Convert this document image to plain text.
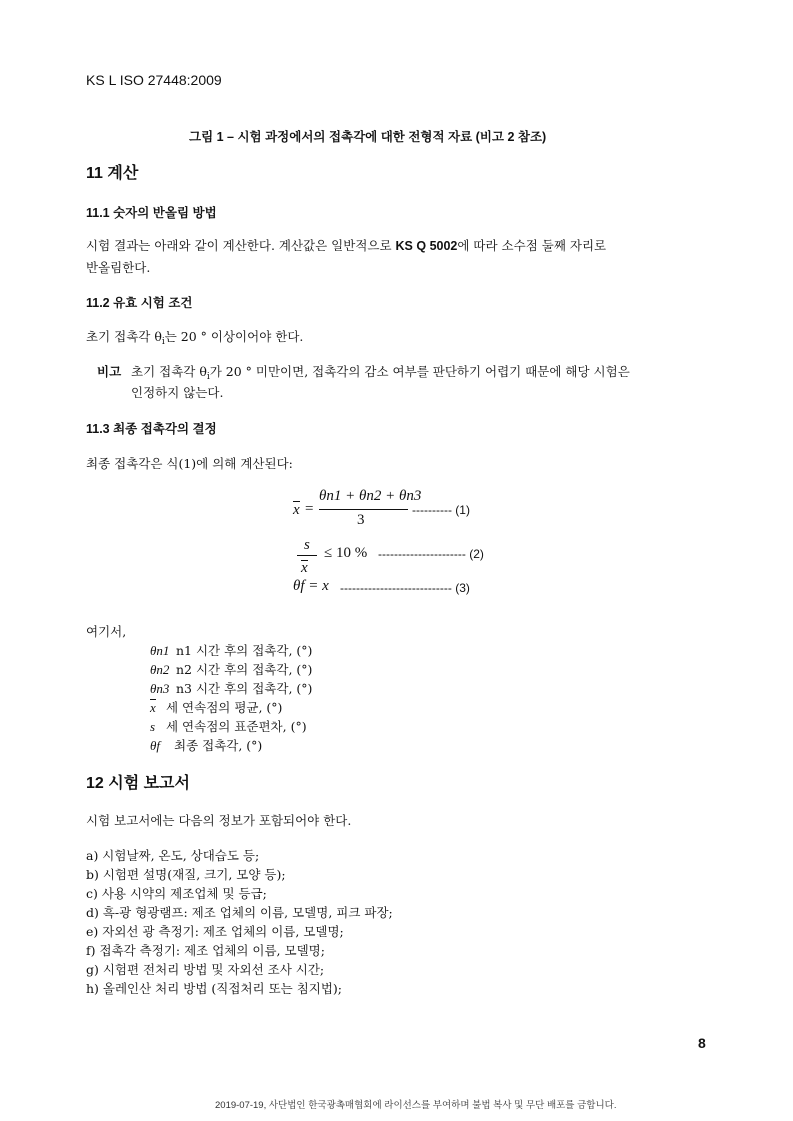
KS L ISO 27448:2009
그림 1 – 시험 과정에서의 접촉각에 대한 전형적 자료 (비고 2 참조)
11 계산
11.1 숫자의 반올림 방법
시험 결과는 아래와 같이 계산한다. 계산값은 일반적으로 KS Q 5002에 따라 소수점 둘째 자리로
반올림한다.
11.2 유효 시험 조건
초기 접촉각 $\theta_i$는 20 ° 이상이어야 한다.
비고 초기 접촉각 $\theta_i$가 20 ° 미만이면, 접촉각의 감소 여부를 판단하기 어렵기 때문에 해당 시험은
인정하지 않는다.
11.3 최종 접촉각의 결정
최종 접촉각은 식(1)에 의해 계산된다:
x =
θn1 + θn2 + θn3
3
---------- (1)
s
x
≤ 10 % ---------------------- (2)
θf = x ---------------------------- (3)
여기서,
θn1 n1 시간 후의 접촉각, (°)
θn2 n2 시간 후의 접촉각, (°)
θn3 n3 시간 후의 접촉각, (°)
x 세 연속점의 평균, (°)
s 세 연속점의 표준편차, (°)
θf 최종 접촉각, (°)
12 시험 보고서
시험 보고서에는 다음의 정보가 포함되어야 한다.
a) 시험날짜, 온도, 상대습도 등;
b) 시험편 설명(재질, 크기, 모양 등);
c) 사용 시약의 제조업체 및 등급;
d) 흑-광 형광램프: 제조 업체의 이름, 모델명, 피크 파장;
e) 자외선 광 측정기: 제조 업체의 이름, 모델명;
f) 접촉각 측정기: 제조 업체의 이름, 모델명;
g) 시험편 전처리 방법 및 자외선 조사 시간;
h) 올레인산 처리 방법 (직접처리 또는 침지법);
8
2019-07-19, 사단법인 한국광촉매협회에 라이선스를 부여하며 불법 복사 및 무단 배포를 금합니다.
